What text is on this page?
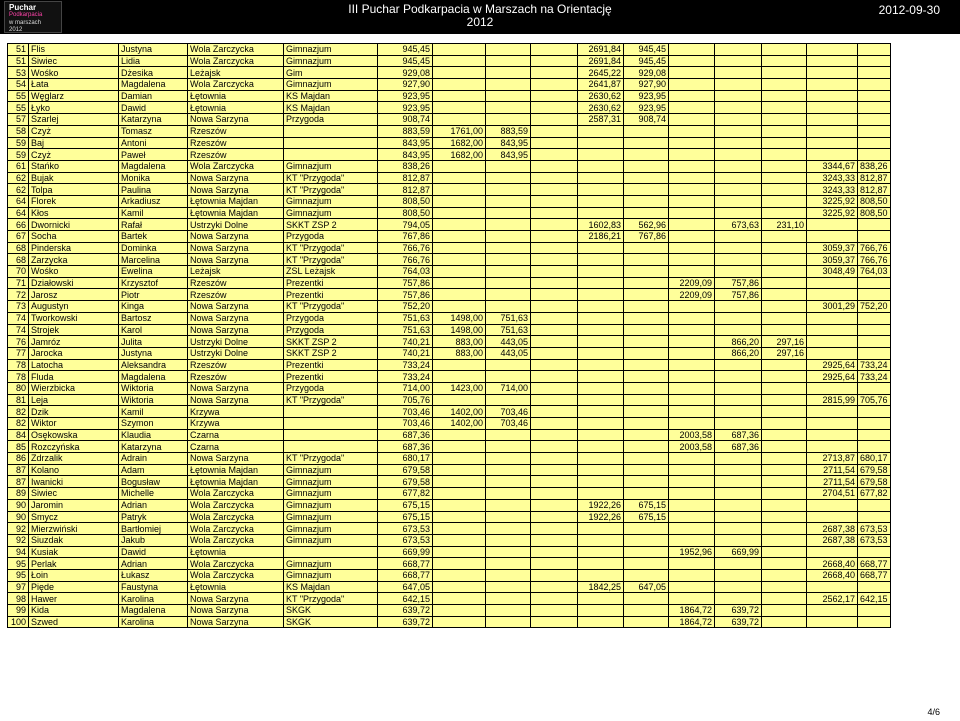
Puchar
Podkarpacia
w marszach
2012
III Puchar Podkarpacia w Marszach na Orientację
2012
2012-09-30
51	Flis	Justyna	Wola Zarczycka	Gimnazjum	945,45				2691,84	945,45					
51	Siwiec	Lidia	Wola Zarczycka	Gimnazjum	945,45				2691,84	945,45					
53	Wośko	Dżesika	Leżajsk	Gim	929,08				2645,22	929,08					
54	Łata	Magdalena	Wola Zarczycka	Gimnazjum	927,90				2641,87	927,90					
55	Węglarz	Damian	Łętownia	KS Majdan	923,95				2630,62	923,95					
55	Łyko	Dawid	Łętownia	KS Majdan	923,95				2630,62	923,95					
57	Szarlej	Katarzyna	Nowa Sarzyna	Przygoda	908,74				2587,31	908,74					
58	Czyż	Tomasz	Rzeszów		883,59	1761,00	883,59								
59	Baj	Antoni	Rzeszów		843,95	1682,00	843,95								
59	Czyż	Paweł	Rzeszów		843,95	1682,00	843,95								
61	Stańko	Magdalena	Wola Zarczycka	Gimnazjum	838,26									3344,67	838,26
62	Bujak	Monika	Nowa Sarzyna	KT "Przygoda"	812,87									3243,33	812,87
62	Tolpa	Paulina	Nowa Sarzyna	KT "Przygoda"	812,87									3243,33	812,87
64	Florek	Arkadiusz	Łętownia Majdan	Gimnazjum	808,50									3225,92	808,50
64	Kłos	Kamil	Łętownia Majdan	Gimnazjum	808,50									3225,92	808,50
66	Dwornicki	Rafał	Ustrzyki Dolne	SKKT ZSP 2	794,05				1602,83	562,96		673,63	231,10		
67	Socha	Bartek	Nowa Sarzyna	Przygoda	767,86				2186,21	767,86					
68	Pinderska	Dominka	Nowa Sarzyna	KT "Przygoda"	766,76									3059,37	766,76
68	Zarzycka	Marcelina	Nowa Sarzyna	KT "Przygoda"	766,76									3059,37	766,76
70	Wośko	Ewelina	Leżajsk	ZSL Leżajsk	764,03									3048,49	764,03
71	Działowski	Krzysztof	Rzeszów	Prezentki	757,86						2209,09	757,86			
72	Jarosz	Piotr	Rzeszów	Prezentki	757,86						2209,09	757,86			
73	Augustyn	Kinga	Nowa Sarzyna	KT "Przygoda"	752,20									3001,29	752,20
74	Tworkowski	Bartosz	Nowa Sarzyna	Przygoda	751,63	1498,00	751,63								
74	Strojek	Karol	Nowa Sarzyna	Przygoda	751,63	1498,00	751,63								
76	Jamróz	Julita	Ustrzyki Dolne	SKKT ZSP 2	740,21	883,00	443,05					866,20	297,16		
77	Jarocka	Justyna	Ustrzyki Dolne	SKKT ZSP 2	740,21	883,00	443,05					866,20	297,16		
78	Latocha	Aleksandra	Rzeszów	Prezentki	733,24									2925,64	733,24
78	Fluda	Magdalena	Rzeszów	Prezentki	733,24									2925,64	733,24
80	Wierzbicka	Wiktoria	Nowa Sarzyna	Przygoda	714,00	1423,00	714,00								
81	Leja	Wiktoria	Nowa Sarzyna	KT "Przygoda"	705,76									2815,99	705,76
82	Dzik	Kamil	Krzywa		703,46	1402,00	703,46								
82	Wiktor	Szymon	Krzywa		703,46	1402,00	703,46								
84	Osękowska	Klaudia	Czarna		687,36						2003,58	687,36			
85	Rozczyńska	Katarzyna	Czarna		687,36						2003,58	687,36			
86	Zdrzalik	Adrain	Nowa Sarzyna	KT "Przygoda"	680,17									2713,87	680,17
87	Kolano	Adam	Łętownia Majdan	Gimnazjum	679,58									2711,54	679,58
87	Iwanicki	Bogusław	Łętownia Majdan	Gimnazjum	679,58									2711,54	679,58
89	Siwiec	Michelle	Wola Zarczycka	Gimnazjum	677,82									2704,51	677,82
90	Jaromin	Adrian	Wola Zarczycka	Gimnazjum	675,15				1922,26	675,15					
90	Smycz	Patryk	Wola Zarczycka	Gimnazjum	675,15				1922,26	675,15					
92	Mierzwiński	Bartłomiej	Wola Zarczycka	Gimnazjum	673,53									2687,38	673,53
92	Siuzdak	Jakub	Wola Zarczycka	Gimnazjum	673,53									2687,38	673,53
94	Kusiak	Dawid	Łętownia		669,99						1952,96	669,99			
95	Perlak	Adrian	Wola Zarczycka	Gimnazjum	668,77									2668,40	668,77
95	Łoin	Łukasz	Wola Zarczycka	Gimnazjum	668,77									2668,40	668,77
97	Pięde	Faustyna	Łętownia	KS Majdan	647,05				1842,25	647,05					
98	Hawer	Karolina	Nowa Sarzyna	KT "Przygoda"	642,15									2562,17	642,15
99	Kida	Magdalena	Nowa Sarzyna	SKGK	639,72						1864,72	639,72			
100	Szwed	Karolina	Nowa Sarzyna	SKGK	639,72						1864,72	639,72			
4/6
